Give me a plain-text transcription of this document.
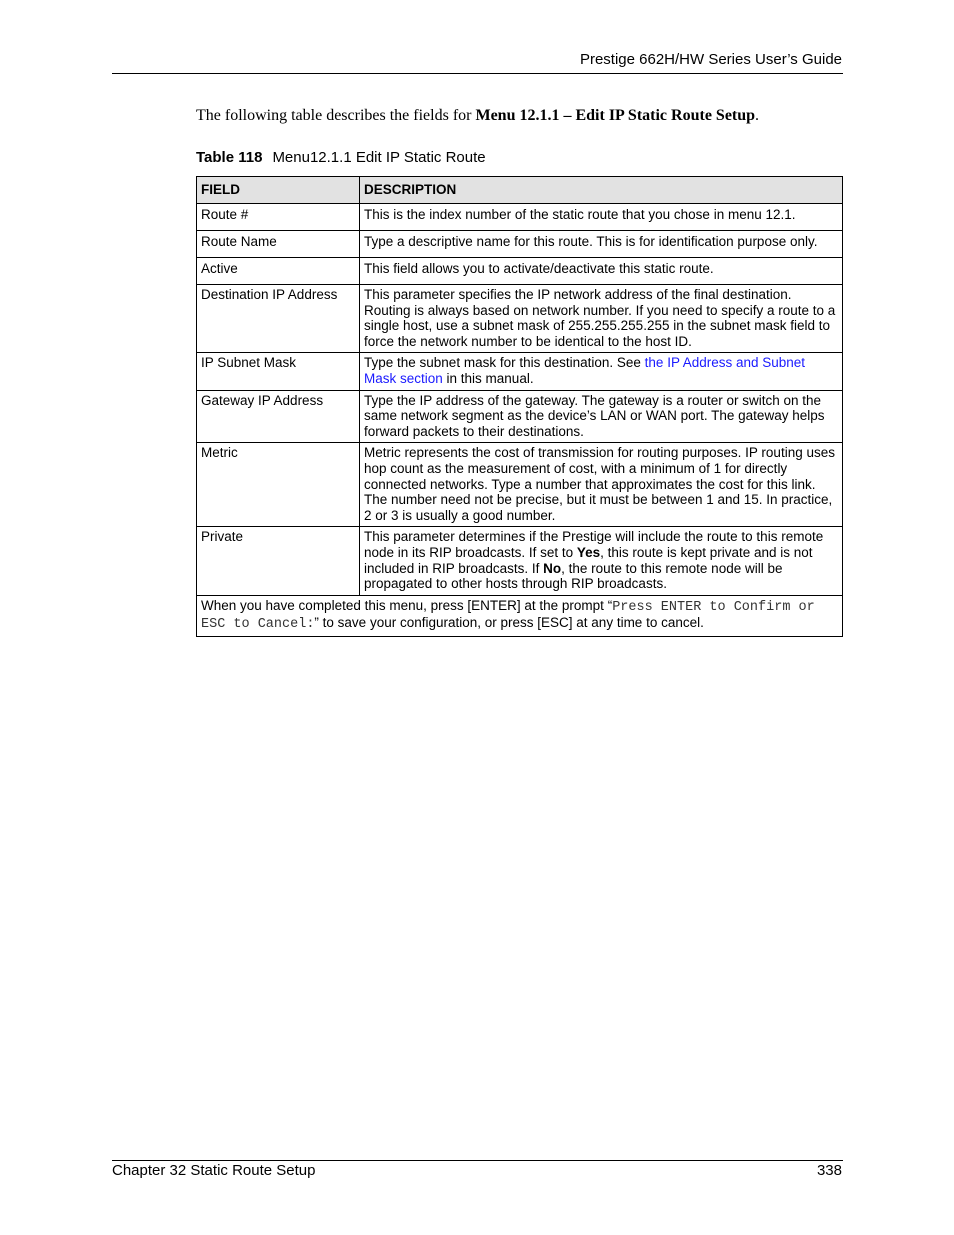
Prestige 662H/HW Series User’s Guide
The following table describes the fields for Menu 12.1.1 – Edit IP Static Route Setup.
Table 118 Menu12.1.1 Edit IP Static Route
FIELD	DESCRIPTION
Route #	This is the index number of the static route that you chose in menu 12.1.
Route Name	Type a descriptive name for this route. This is for identification purpose only.
Active	This field allows you to activate/deactivate this static route.
Destination IP Address	This parameter specifies the IP network address of the final destination. Routing is always based on network number. If you need to specify a route to a single host, use a subnet mask of 255.255.255.255 in the subnet mask field to force the network number to be identical to the host ID.
IP Subnet Mask	Type the subnet mask for this destination. See the IP Address and Subnet Mask section in this manual.
Gateway IP Address	Type the IP address of the gateway. The gateway is a router or switch on the same network segment as the device’s LAN or WAN port. The gateway helps forward packets to their destinations.
Metric	Metric represents the cost of transmission for routing purposes. IP routing uses hop count as the measurement of cost, with a minimum of 1 for directly connected networks. Type a number that approximates the cost for this link. The number need not be precise, but it must be between 1 and 15. In practice, 2 or 3 is usually a good number.
Private	This parameter determines if the Prestige will include the route to this remote node in its RIP broadcasts. If set to Yes, this route is kept private and is not included in RIP broadcasts. If No, the route to this remote node will be propagated to other hosts through RIP broadcasts.
When you have completed this menu, press [ENTER] at the prompt “Press ENTER to Confirm or ESC to Cancel:” to save your configuration, or press [ESC] at any time to cancel.	
Chapter 32 Static Route Setup	338
